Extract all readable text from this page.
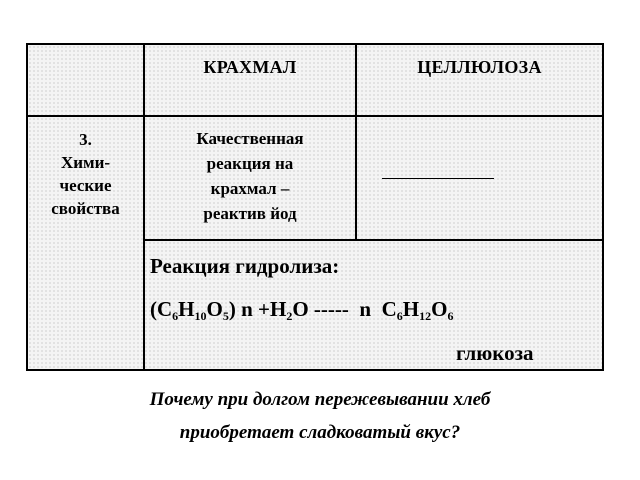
КРАХМАЛ	ЦЕЛЛЮЛОЗА
3.
Хими-
ческие
свойства
Качественная
реакция на
крахмал –
реактив йод
Реакция гидролиза:
$(C_6H_{10}O_5)$ $n +H_2O$ -----  n  $C_6H_{12}O_6$
глюкоза
Почему при долгом пережевывании хлеб
приобретает сладковатый вкус?
